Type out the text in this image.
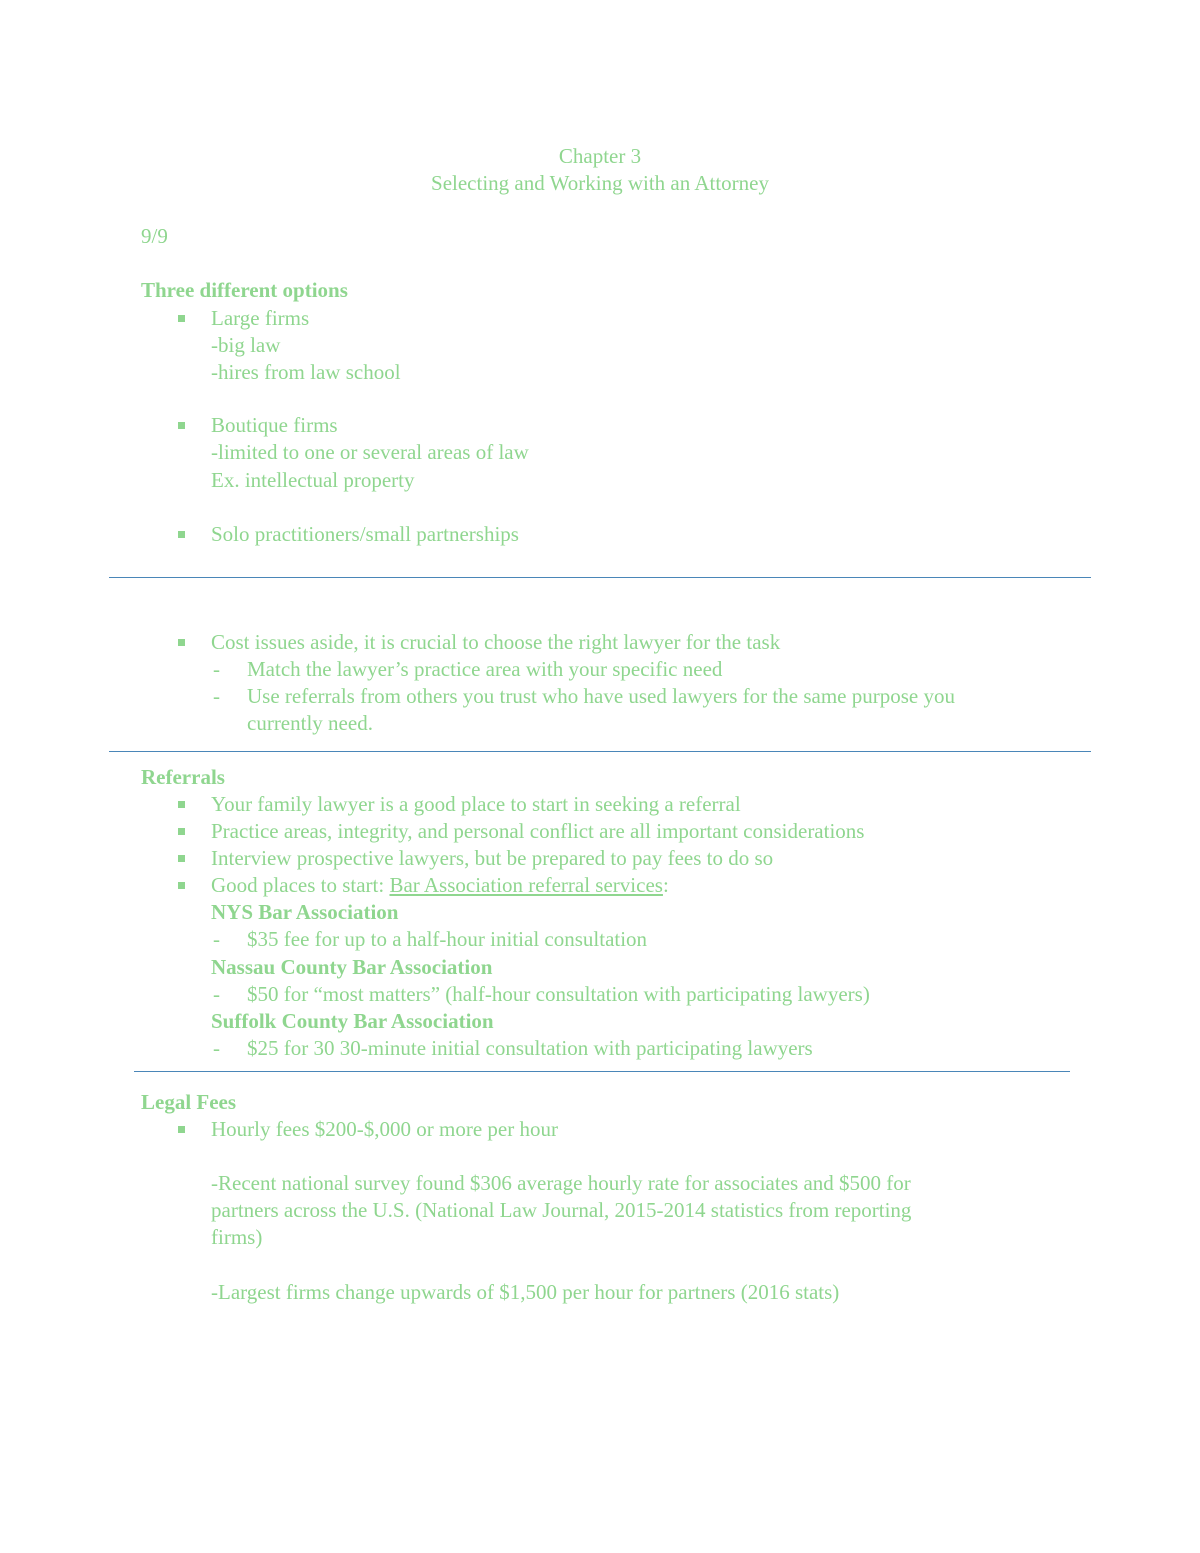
Chapter 3
Selecting and Working with an Attorney
9/9
Three different options
Large firms
-big law
-hires from law school
Boutique firms
-limited to one or several areas of law
Ex. intellectual property
Solo practitioners/small partnerships
Cost issues aside, it is crucial to choose the right lawyer for the task
- Match the lawyer’s practice area with your specific need
- Use referrals from others you trust who have used lawyers for the same purpose you
currently need.
Referrals
Your family lawyer is a good place to start in seeking a referral
Practice areas, integrity, and personal conflict are all important considerations
Interview prospective lawyers, but be prepared to pay fees to do so
Good places to start: Bar Association referral services:
NYS Bar Association
- $35 fee for up to a half-hour initial consultation
Nassau County Bar Association
- $50 for “most matters” (half-hour consultation with participating lawyers)
Suffolk County Bar Association
- $25 for 30 30-minute initial consultation with participating lawyers
Legal Fees
Hourly fees $200-$,000 or more per hour
-Recent national survey found $306 average hourly rate for associates and $500 for
partners across the U.S. (National Law Journal, 2015-2014 statistics from reporting
firms)
-Largest firms change upwards of $1,500 per hour for partners (2016 stats)
